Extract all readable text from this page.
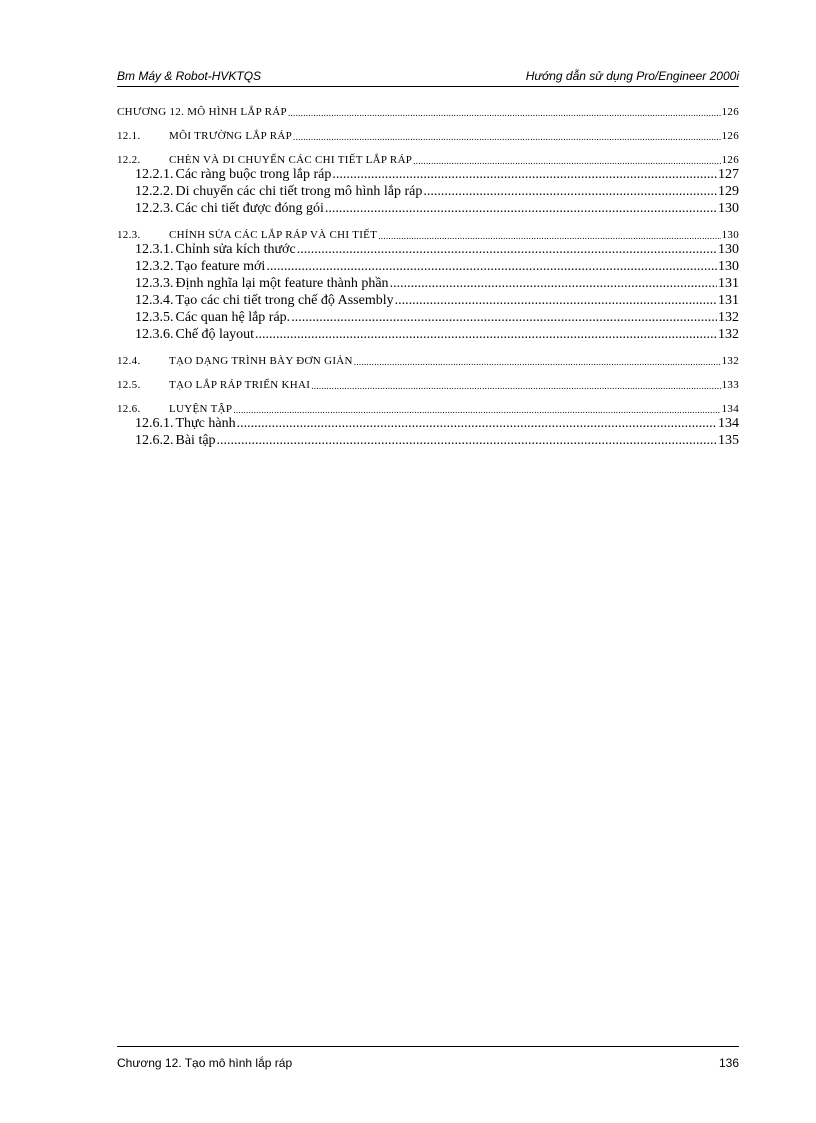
Bm Máy & Robot-HVKTQS	Hướng dẫn sử dụng Pro/Engineer 2000i
CHƯƠNG 12. MÔ HÌNH LẮP RÁP .....	126
12.1.	MÔI TRƯỜNG LẮP RÁP .....	126
12.2.	CHÈN VÀ DI CHUYỂN CÁC CHI TIẾT LẮP RÁP .....	126
12.2.1. Các ràng buộc trong lắp ráp .....	127
12.2.2. Di chuyển các chi tiết trong mô hình lắp ráp .....	129
12.2.3. Các chi tiết được đóng gói .....	130
12.3.	CHỈNH SỬA CÁC LẮP RÁP VÀ CHI TIẾT .....	130
12.3.1. Chỉnh sửa kích thước .....	130
12.3.2. Tạo feature mới .....	130
12.3.3. Định nghĩa lại một feature thành phần .....	131
12.3.4. Tạo các chi tiết trong chế độ Assembly .....	131
12.3.5. Các quan hệ lắp ráp. .....	132
12.3.6. Chế độ layout .....	132
12.4.	TẠO DẠNG TRÌNH BÀY ĐƠN GIẢN .....	132
12.5.	TẠO LẮP RÁP TRIỂN KHAI .....	133
12.6.	LUYỆN TẬP .....	134
12.6.1. Thực hành .....	134
12.6.2. Bài tập .....	135
Chương 12. Tạo mô hình lắp ráp	136
